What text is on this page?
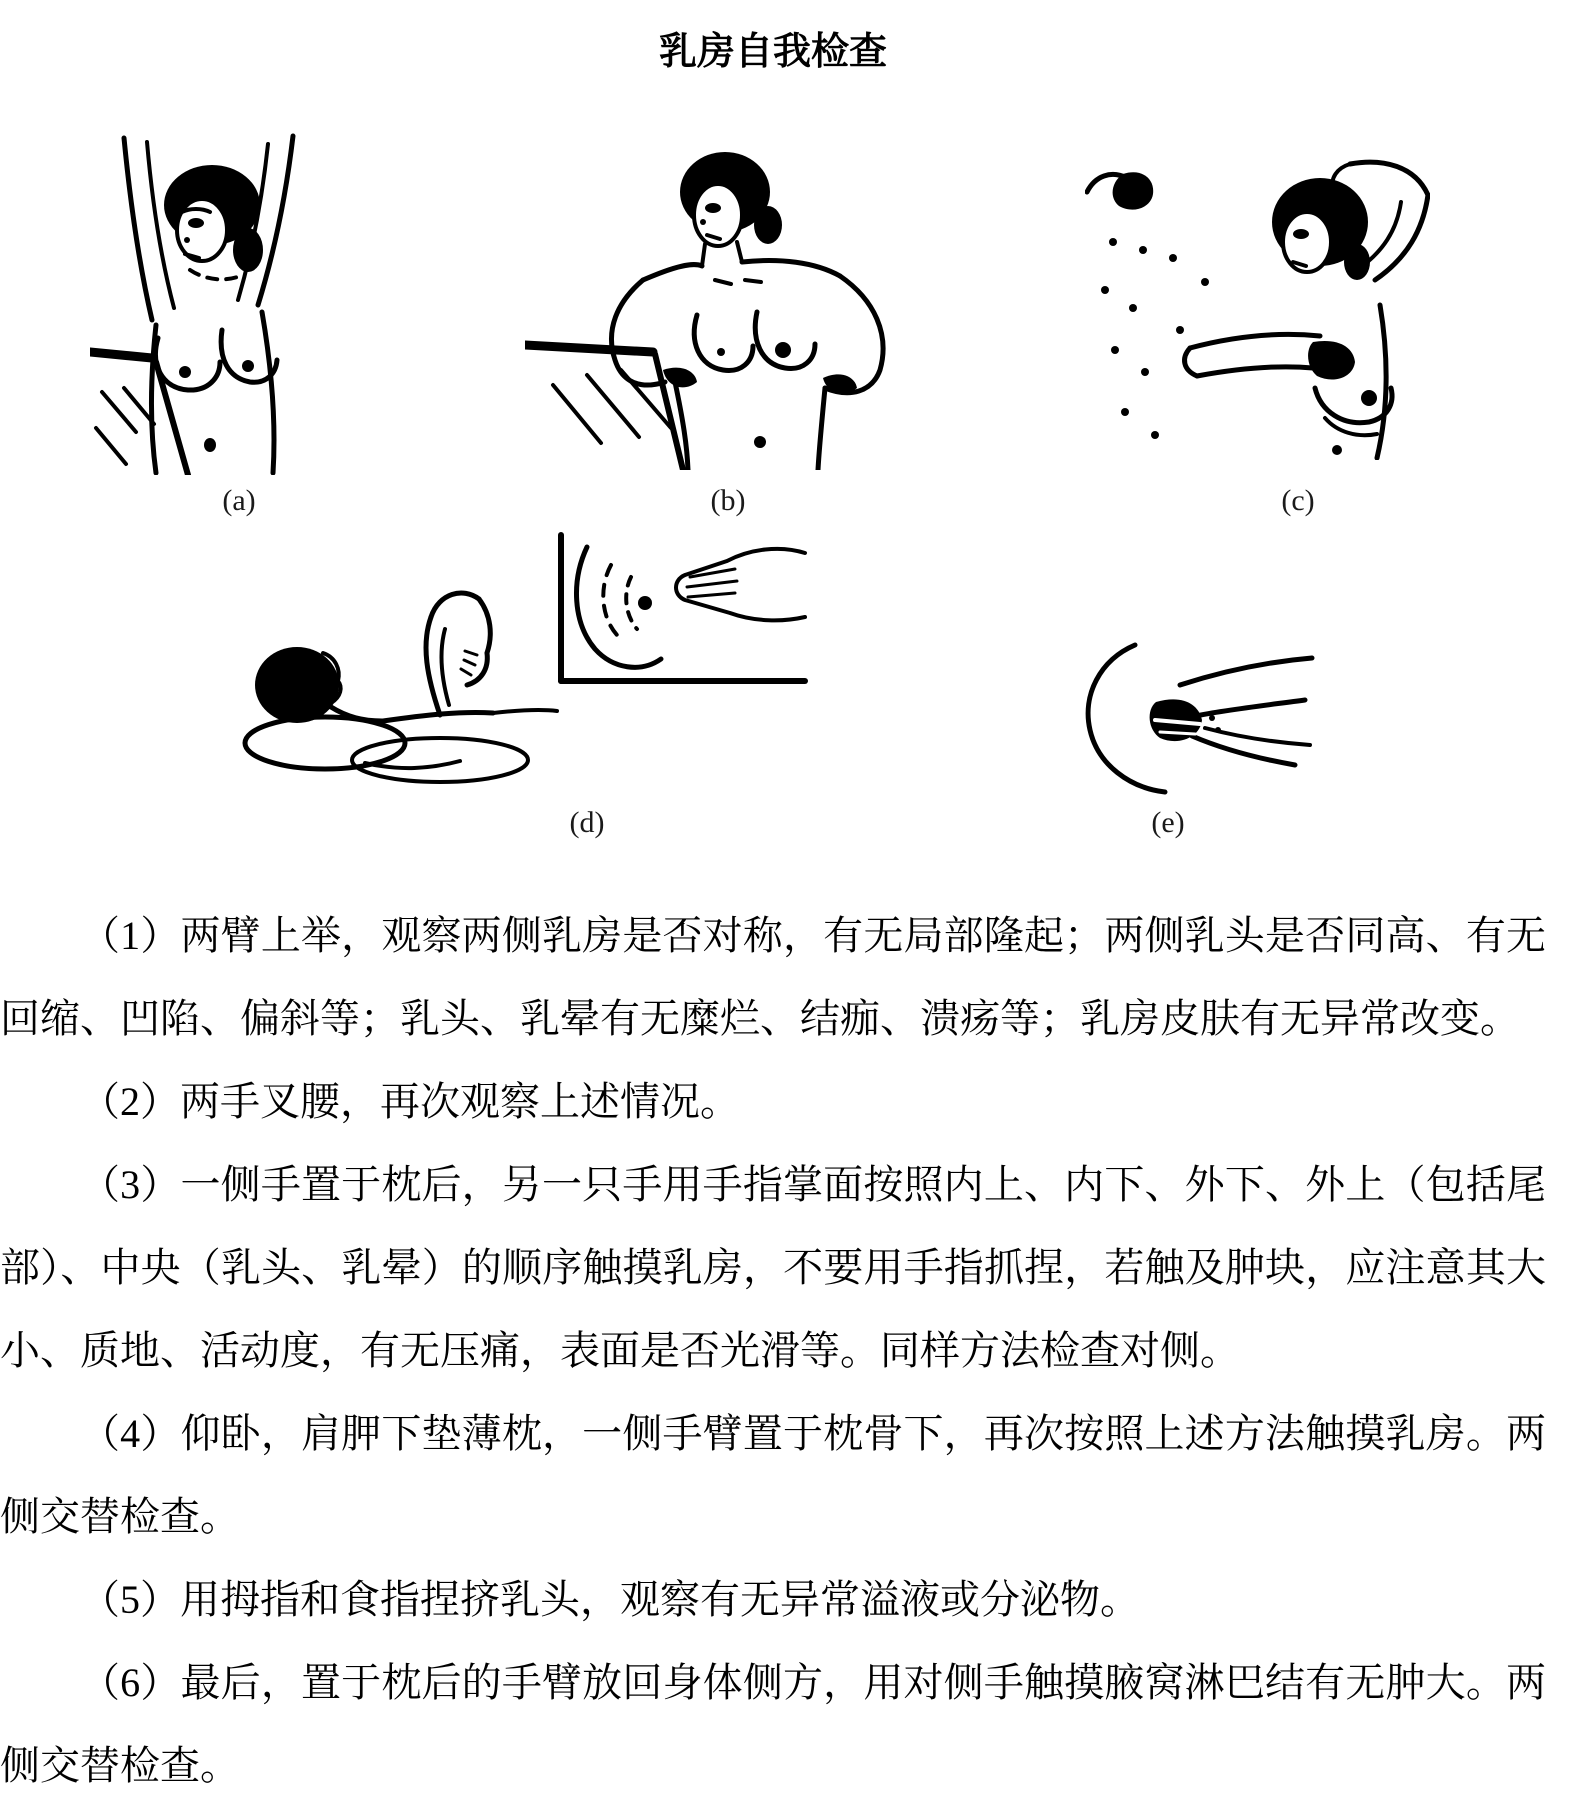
乳房自我检查
(a)	(b)	(c)
(d)	(e)

（1）两臂上举，观察两侧乳房是否对称，有无局部隆起；两侧乳头是否同高、有无回缩、凹陷、偏斜等；乳头、乳晕有无糜烂、结痂、溃疡等；乳房皮肤有无异常改变。

（2）两手叉腰，再次观察上述情况。

（3）一侧手置于枕后，另一只手用手指掌面按照内上、内下、外下、外上（包括尾部）、中央（乳头、乳晕）的顺序触摸乳房，不要用手指抓捏，若触及肿块，应注意其大小、质地、活动度，有无压痛，表面是否光滑等。同样方法检查对侧。

（4）仰卧，肩胛下垫薄枕，一侧手臂置于枕骨下，再次按照上述方法触摸乳房。两侧交替检查。

（5）用拇指和食指捏挤乳头，观察有无异常溢液或分泌物。

（6）最后，置于枕后的手臂放回身体侧方，用对侧手触摸腋窝淋巴结有无肿大。两侧交替检查。
